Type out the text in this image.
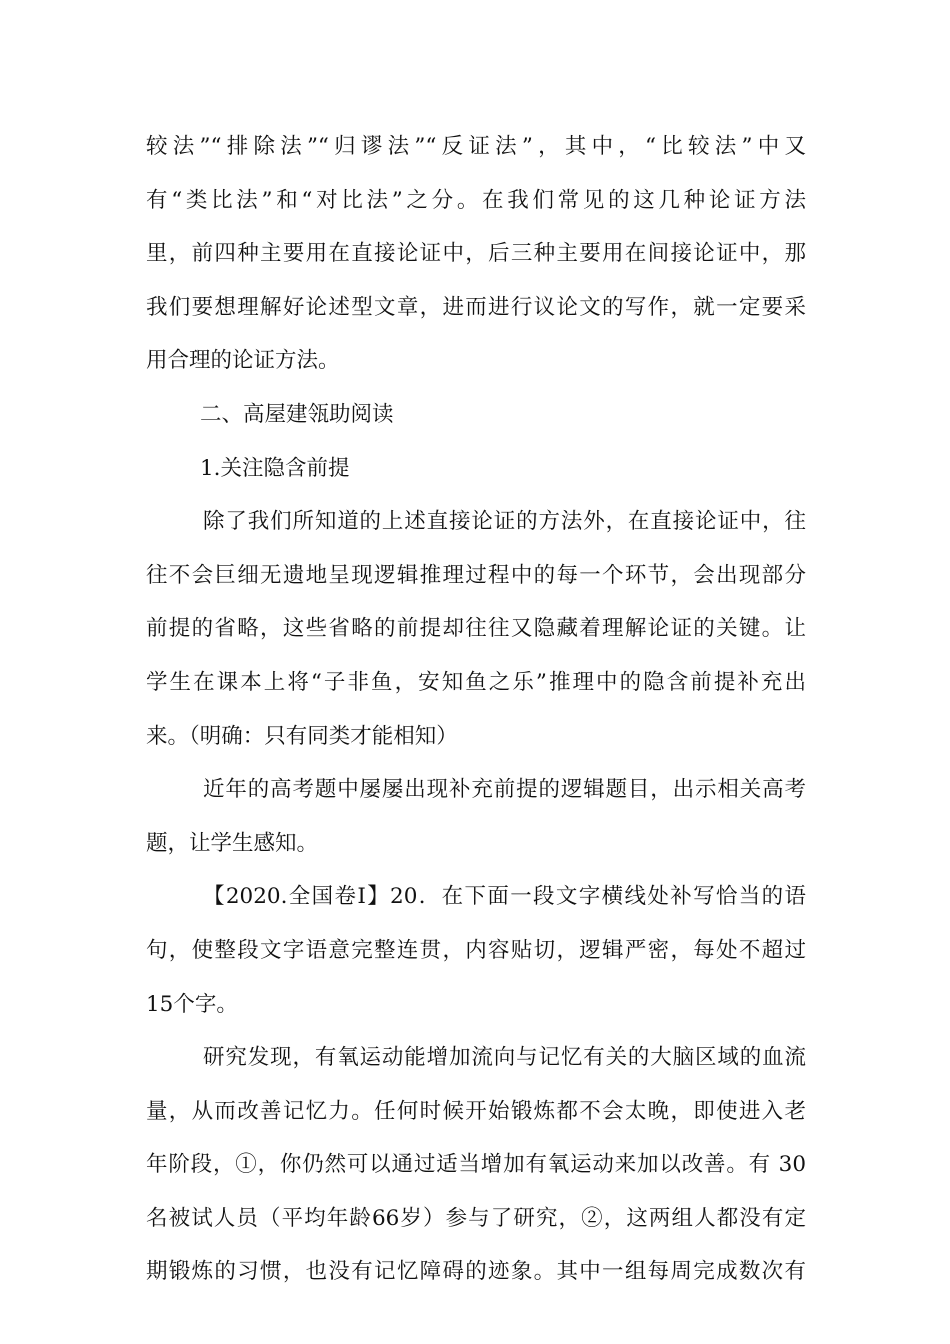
较法”“排除法”“归谬法”“反证法”，其中，“比较法”中又
有“类比法”和“对比法”之分。在我们常见的这几种论证方法
里，前四种主要用在直接论证中，后三种主要用在间接论证中，那
我们要想理解好论述型文章，进而进行议论文的写作，就一定要采
用合理的论证方法。
二、高屋建瓴助阅读
1.关注隐含前提
除了我们所知道的上述直接论证的方法外，在直接论证中，往
往不会巨细无遗地呈现逻辑推理过程中的每一个环节，会出现部分
前提的省略，这些省略的前提却往往又隐藏着理解论证的关键。让
学生在课本上将“子非鱼，安知鱼之乐”推理中的隐含前提补充出
来。（明确：只有同类才能相知）
近年的高考题中屡屡出现补充前提的逻辑题目，出示相关高考
题，让学生感知。
【2020.全国卷Ⅰ】20．在下面一段文字横线处补写恰当的语
句，使整段文字语意完整连贯，内容贴切，逻辑严密，每处不超过
15个字。
研究发现，有氧运动能增加流向与记忆有关的大脑区域的血流
量，从而改善记忆力。任何时候开始锻炼都不会太晚，即使进入老
年阶段，①，你仍然可以通过适当增加有氧运动来加以改善。有 30
名被试人员（平均年龄66岁）参与了研究，②，这两组人都没有定
期锻炼的习惯，也没有记忆障碍的迹象。其中一组每周完成数次有
